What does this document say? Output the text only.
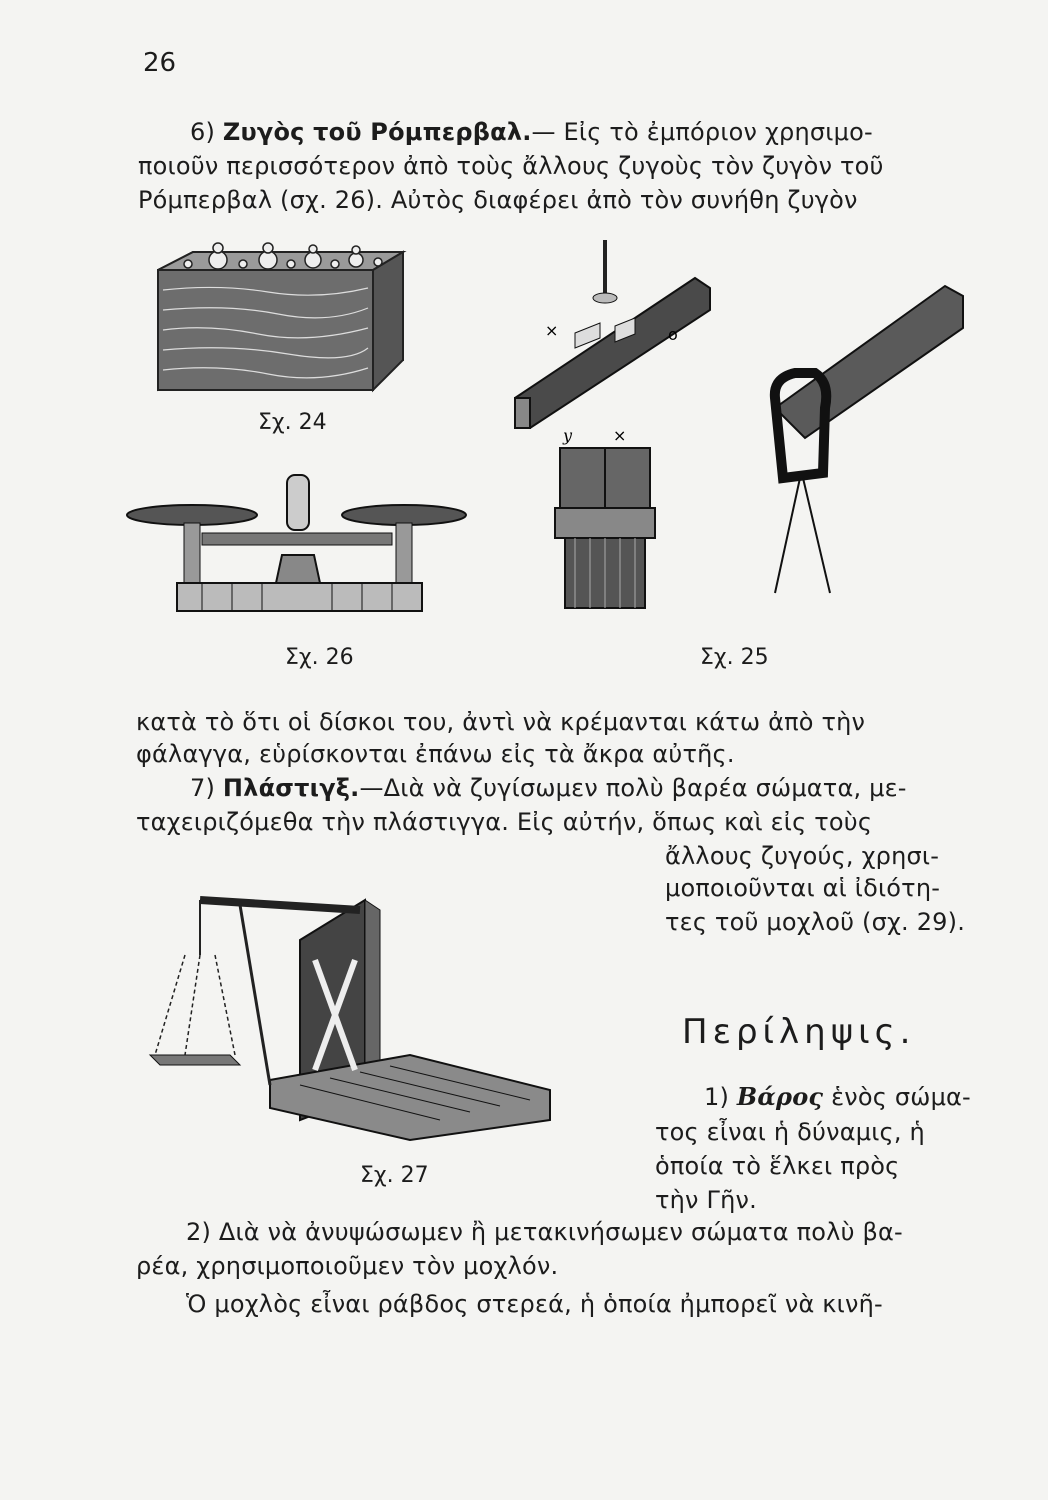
26
6) Ζυγὸς τοῦ Ρόμπερβαλ.— Εἰς τὸ ἐμπόριον χρησιμο-
ποιοῦν περισσότερον ἀπὸ τοὺς ἄλλους ζυγοὺς τὸν ζυγὸν τοῦ
Ρόμπερβαλ (σχ. 26). Αὐτὸς διαφέρει ἀπὸ τὸν συνήθη ζυγὸν
Σχ. 24
×	o
y	×
Σχ. 26	Σχ. 25
κατὰ τὸ ὅτι οἱ δίσκοι του, ἀντὶ νὰ κρέμανται κάτω ἀπὸ τὴν
φάλαγγα, εὑρίσκονται ἐπάνω εἰς τὰ ἄκρα αὐτῆς.
7) Πλάστιγξ.—Διὰ νὰ ζυγίσωμεν πολὺ βαρέα σώματα, με-
ταχειριζόμεθα τὴν πλάστιγγα. Εἰς αὐτήν, ὅπως καὶ εἰς τοὺς
ἄλλους ζυγούς, χρησι-
μοποιοῦνται αἱ ἰδιότη-
τες τοῦ μοχλοῦ (σχ. 29).
Σχ. 27
Περίληψις.
1) Βάρος ἑνὸς σώμα-
τος εἶναι ἡ δύναμις, ἡ
ὁποία τὸ ἕλκει πρὸς
τὴν Γῆν.
2) Διὰ νὰ ἀνυψώσωμεν ἢ μετακινήσωμεν σώματα πολὺ βα-
ρέα, χρησιμοποιοῦμεν τὸν μοχλόν.
Ὁ μοχλὸς εἶναι ράβδος στερεά, ἡ ὁποία ἠμπορεῖ νὰ κινῆ-
